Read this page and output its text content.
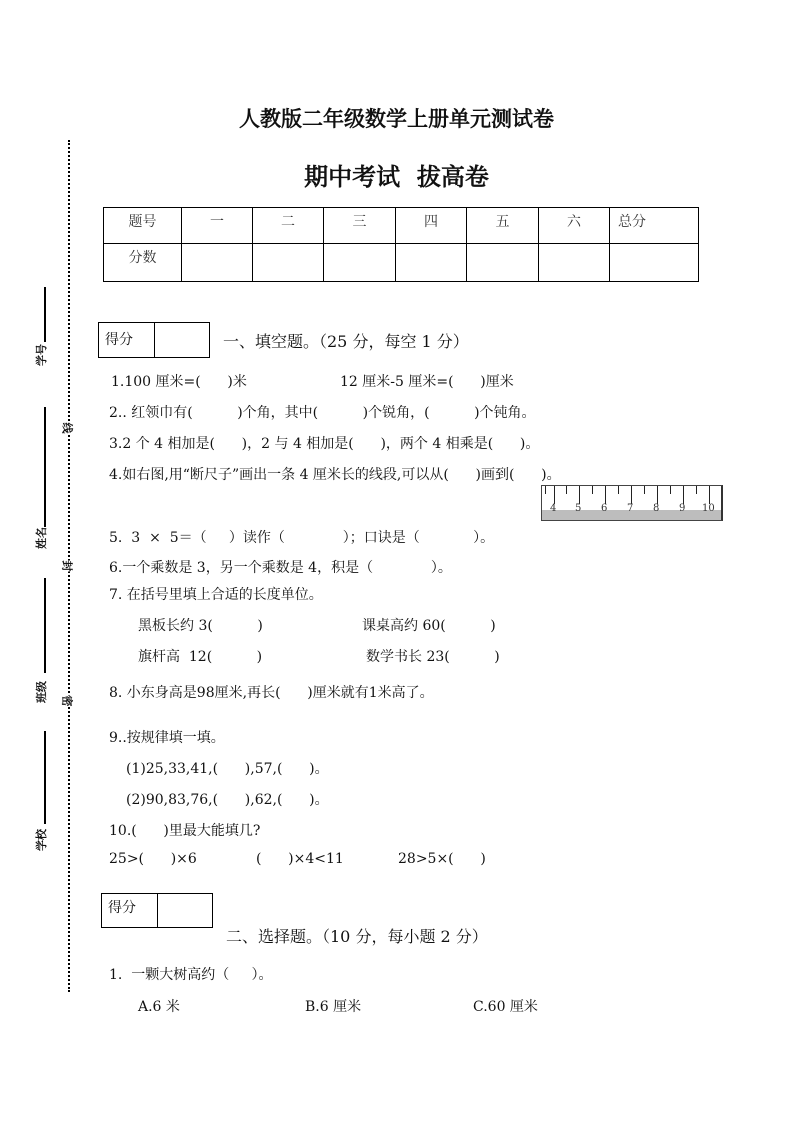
线
封
密
学号
姓名
班级
学校
人教版二年级数学上册单元测试卷
期中考试  拔高卷
题号	一	二	三	四	五	六	总分
分数							
得分	一、填空题。（25 分，每空 1 分）
1.100 厘米=(      )米	12 厘米-5 厘米=(      )厘米
2.. 红领巾有(          )个角，其中(          )个锐角，(          )个钝角。
3.2 个 4 相加是(      )，2 与 4 相加是(      )，两个 4 相乘是(      )。
4.如右图,用“断尺子”画出一条 4 厘米长的线段,可以从(      )画到(      )。
4 5 6 7 8 9 10
5.  3  ×  5＝（     ）读作（             ）；口诀是（            ）。
6.一个乘数是 3，另一个乘数是 4，积是（             ）。
7. 在括号里填上合适的长度单位。
黑板长约 3(          )	课桌高约 60(          )
旗杆高  12(          )	数学书长 23(          )
8. 小东身高是98厘米,再长(      )厘米就有1米高了。
9..按规律填一填。
(1)25,33,41,(      ),57,(      )。
(2)90,83,76,(      ),62,(      )。
10.(      )里最大能填几?
25>(      )×6	(      )×4<11	28>5×(      )
得分
二、选择题。（10 分，每小题 2 分）
1.  一颗大树高约（     ）。
A.6 米	B.6 厘米	C.60 厘米
